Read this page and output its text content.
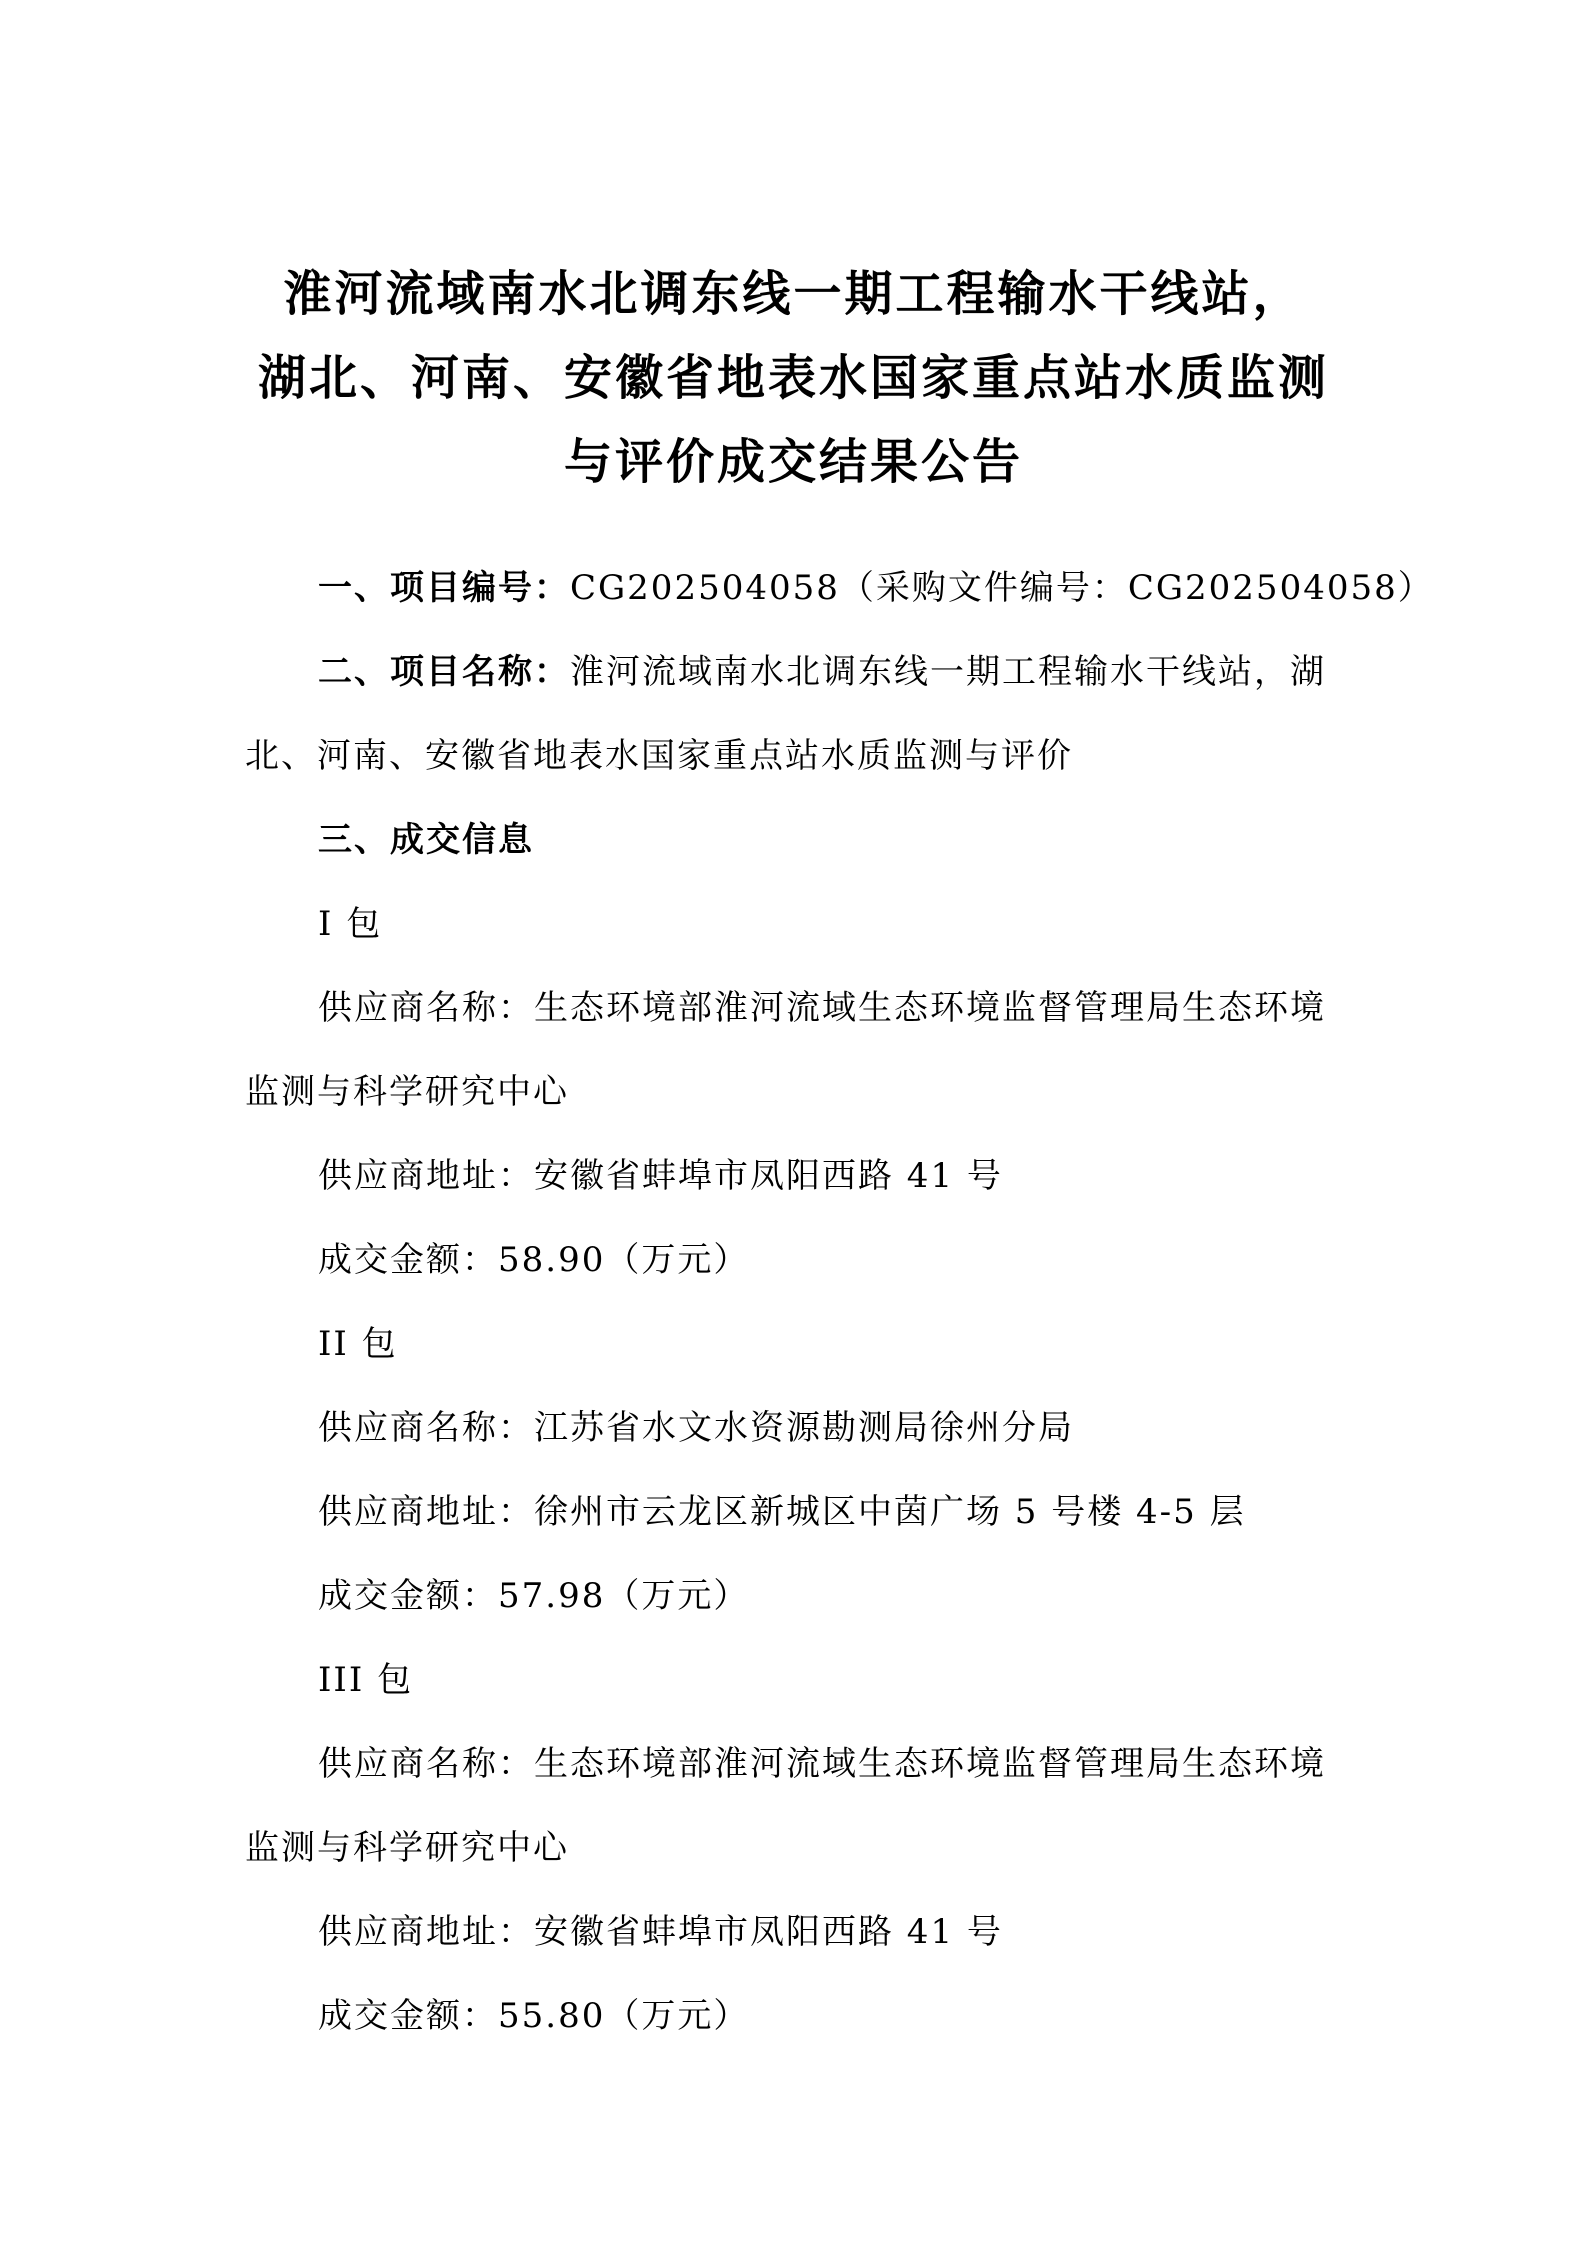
淮河流域南水北调东线一期工程输水干线站，
湖北、河南、安徽省地表水国家重点站水质监测
与评价成交结果公告
一、项目编号：CG202504058（采购文件编号：CG202504058）
二、项目名称：淮河流域南水北调东线一期工程输水干线站，湖
北、河南、安徽省地表水国家重点站水质监测与评价
三、成交信息
I 包
供应商名称：生态环境部淮河流域生态环境监督管理局生态环境
监测与科学研究中心
供应商地址：安徽省蚌埠市凤阳西路 41 号
成交金额：58.90（万元）
II 包
供应商名称：江苏省水文水资源勘测局徐州分局
供应商地址：徐州市云龙区新城区中茵广场 5 号楼 4-5 层
成交金额：57.98（万元）
III 包
供应商名称：生态环境部淮河流域生态环境监督管理局生态环境
监测与科学研究中心
供应商地址：安徽省蚌埠市凤阳西路 41 号
成交金额：55.80（万元）
